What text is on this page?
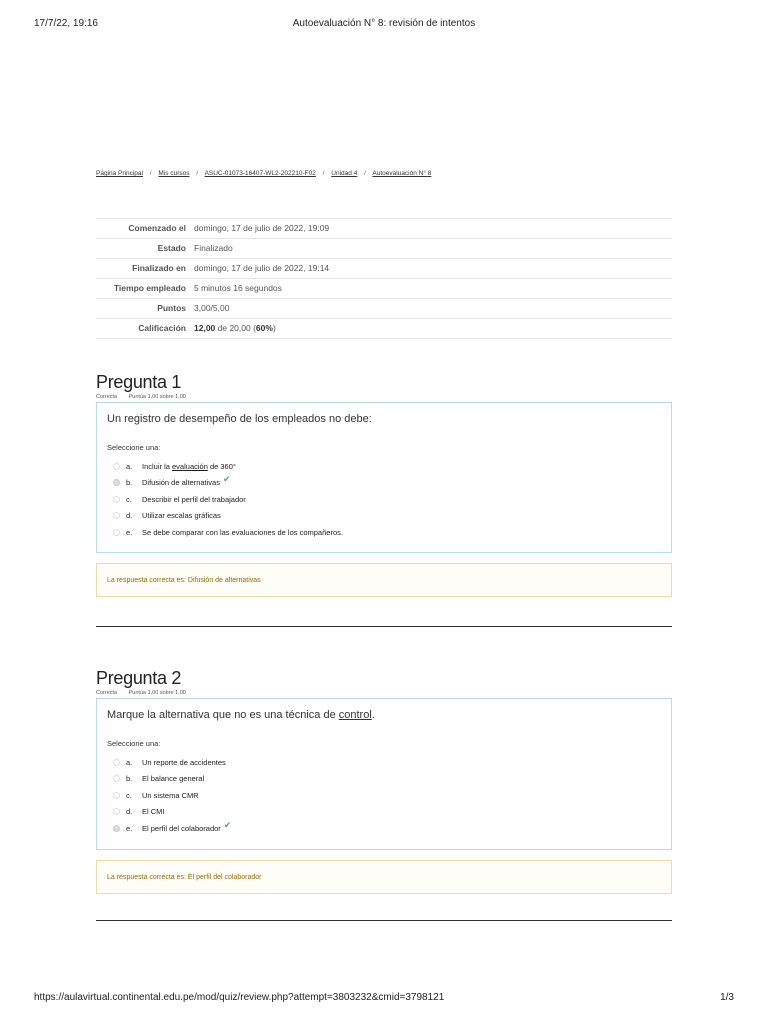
17/7/22, 19:16	Autoevaluación N° 8: revisión de intentos
Página Principal / Mis cursos / ASUC-01073-16407-WL2-202210-F02 / Unidad 4 / Autoevaluación N° 8
Comenzado el	domingo, 17 de julio de 2022, 19:09
Estado	Finalizado
Finalizado en	domingo, 17 de julio de 2022, 19:14
Tiempo empleado	5 minutos 16 segundos
Puntos	3,00/5,00
Calificación	12,00 de 20,00 (60%)
Pregunta 1
Correcta Puntúa 1,00 sobre 1,00

Un registro de desempeño de los empleados no debe:

Seleccione una:
a.	Incluir la evaluación de 360°
b.	Difusión de alternativas ✔
c.	Describir el perfil del trabajador
d.	Utilizar escalas gráficas
e.	Se debe comparar con las evaluaciones de los compañeros.
La respuesta correcta es: Difusión de alternativas
Pregunta 2
Correcta Puntúa 1,00 sobre 1,00

Marque la alternativa que no es una técnica de control.

Seleccione una:
a.	Un reporte de accidentes
b.	El balance general
c.	Un sistema CMR
d.	El CMI
e.	El perfil del colaborador ✔
La respuesta correcta es: El perfil del colaborador
https://aulavirtual.continental.edu.pe/mod/quiz/review.php?attempt=3803232&cmid=3798121	1/3
